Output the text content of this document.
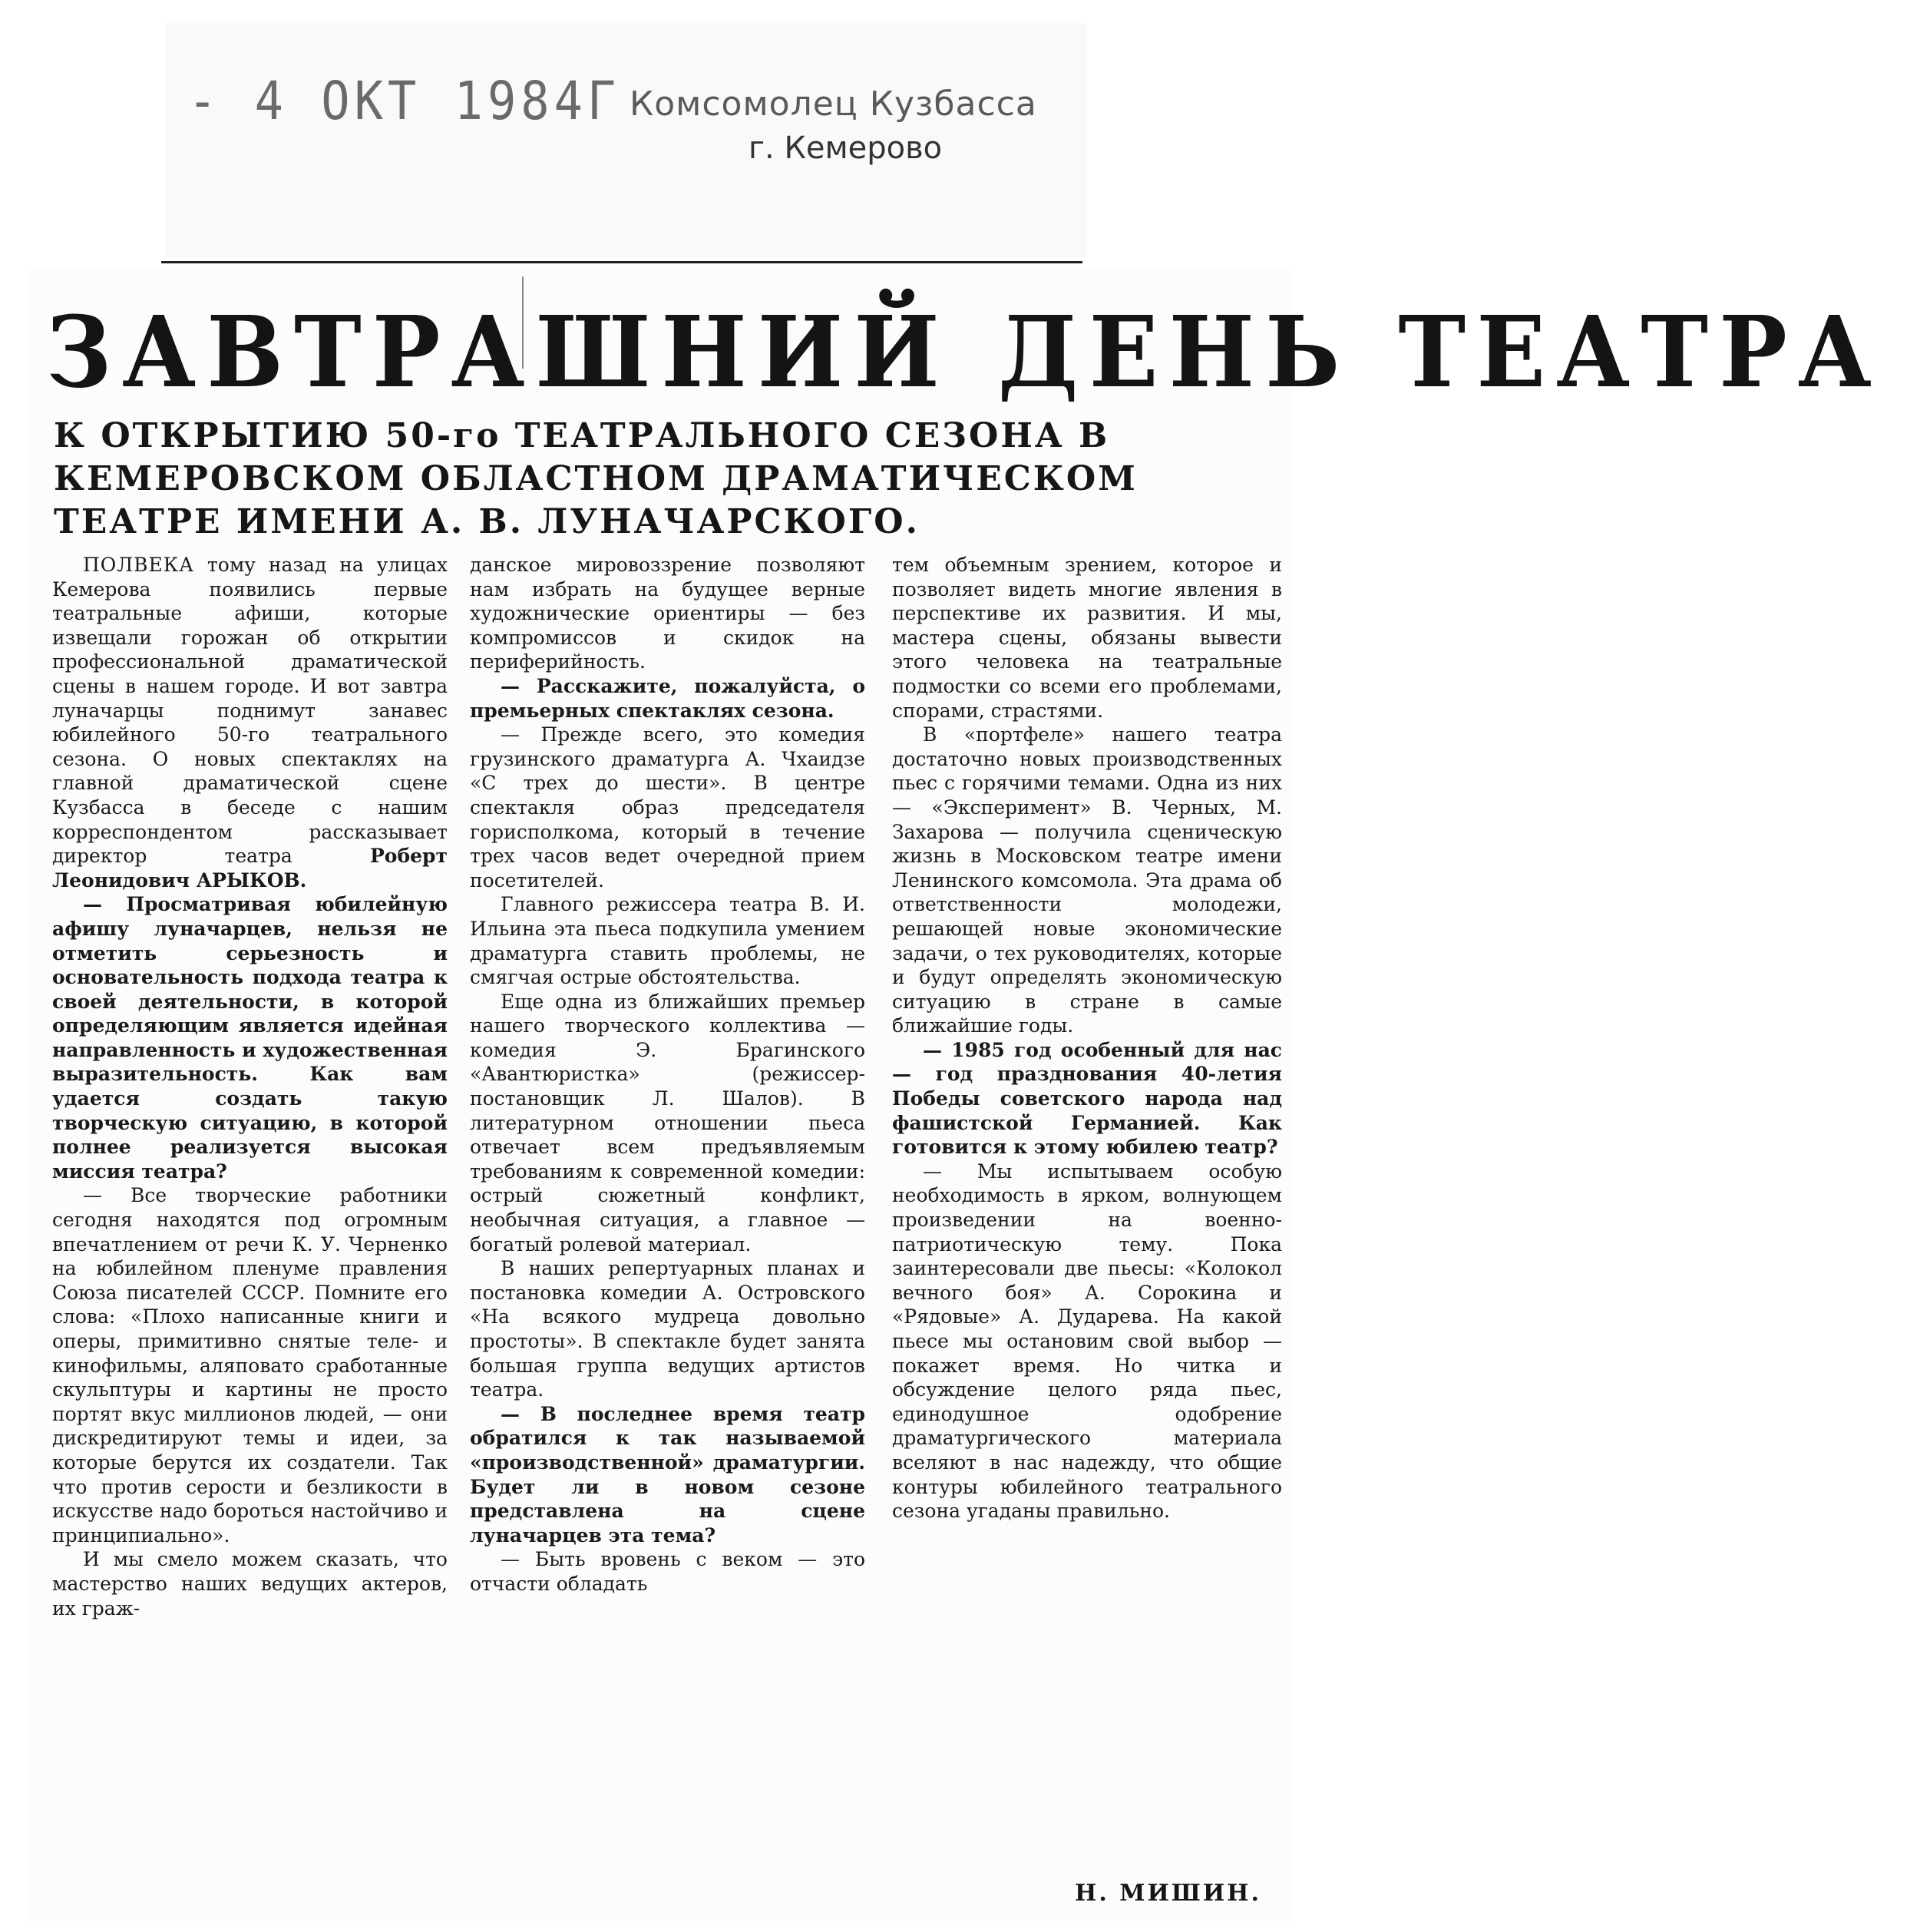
- 4 ОКТ 1984Г Комсомолец Кузбасса
г. Кемерово
ЗАВТРАШНИЙ ДЕНЬ ТЕАТРА
К ОТКРЫТИЮ 50-го ТЕАТРАЛЬНОГО СЕЗОНА В КЕМЕРОВСКОМ ОБЛАСТНОМ ДРАМАТИЧЕСКОМ ТЕАТРЕ ИМЕНИ А. В. ЛУНАЧАРСКОГО.

ПОЛВЕКА тому назад на улицах Кемерова появились первые театральные афиши, которые извещали горожан об открытии профессиональной драматической сцены в нашем городе. И вот завтра луначарцы поднимут занавес юбилейного 50-го театрального сезона. О новых спектаклях на главной драматической сцене Кузбасса в беседе с нашим корреспондентом рассказывает директор театра Роберт Леонидович АРЫКОВ.

— Просматривая юбилейную афишу луначарцев, нельзя не отметить серьезность и основательность подхода театра к своей деятельности, в которой определяющим является идейная направленность и художественная выразительность. Как вам удается создать такую творческую ситуацию, в которой полнее реализуется высокая миссия театра?

— Все творческие работники сегодня находятся под огромным впечатлением от речи К. У. Черненко на юбилейном пленуме правления Союза писателей СССР. Помните его слова: «Плохо написанные книги и оперы, примитивно снятые теле- и кинофильмы, аляповато сработанные скульптуры и картины не просто портят вкус миллионов людей, — они дискредитируют темы и идеи, за которые берутся их создатели. Так что против серости и безликости в искусстве надо бороться настойчиво и принципиально».

И мы смело можем сказать, что мастерство наших ведущих актеров, их граж-

данское мировоззрение позволяют нам избрать на будущее верные художнические ориентиры — без компромиссов и скидок на периферийность.

— Расскажите, пожалуйста, о премьерных спектаклях сезона.

— Прежде всего, это комедия грузинского драматурга А. Чхаидзе «С трех до шести». В центре спектакля образ председателя горисполкома, который в течение трех часов ведет очередной прием посетителей.

Главного режиссера театра В. И. Ильина эта пьеса подкупила умением драматурга ставить проблемы, не смягчая острые обстоятельства.

Еще одна из ближайших премьер нашего творческого коллектива — комедия Э. Брагинского «Авантюристка» (режиссер-постановщик Л. Шалов). В литературном отношении пьеса отвечает всем предъявляемым требованиям к современной комедии: острый сюжетный конфликт, необычная ситуация, а главное — богатый ролевой материал.

В наших репертуарных планах и постановка комедии А. Островского «На всякого мудреца довольно простоты». В спектакле будет занята большая группа ведущих артистов театра.

— В последнее время театр обратился к так называемой «производственной» драматургии. Будет ли в новом сезоне представлена на сцене луначарцев эта тема?

— Быть вровень с веком — это отчасти обладать

тем объемным зрением, которое и позволяет видеть многие явления в перспективе их развития. И мы, мастера сцены, обязаны вывести этого человека на театральные подмостки со всеми его проблемами, спорами, страстями.

В «портфеле» нашего театра достаточно новых производственных пьес с горячими темами. Одна из них — «Эксперимент» В. Черных, М. Захарова — получила сценическую жизнь в Московском театре имени Ленинского комсомола. Эта драма об ответственности молодежи, решающей новые экономические задачи, о тех руководителях, которые и будут определять экономическую ситуацию в стране в самые ближайшие годы.

— 1985 год особенный для нас — год празднования 40-летия Победы советского народа над фашистской Германией. Как готовится к этому юбилею театр?

— Мы испытываем особую необходимость в ярком, волнующем произведении на военно-патриотическую тему. Пока заинтересовали две пьесы: «Колокол вечного боя» А. Сорокина и «Рядовые» А. Дударева. На какой пьесе мы остановим свой выбор — покажет время. Но читка и обсуждение целого ряда пьес, единодушное одобрение драматургического материала вселяют в нас надежду, что общие контуры юбилейного театрального сезона угаданы правильно.

Н. МИШИН.
